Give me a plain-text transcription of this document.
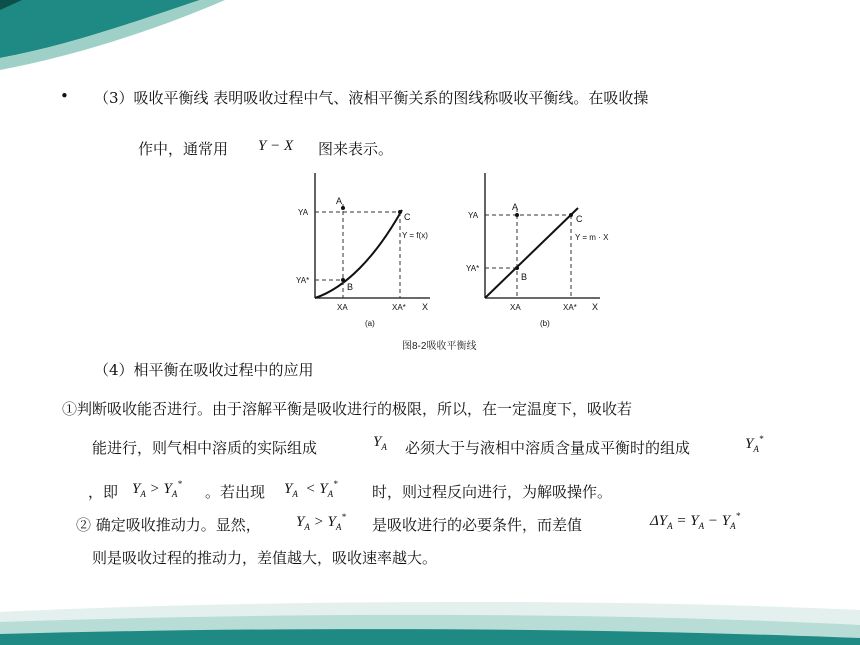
• （3）吸收平衡线 表明吸收过程中气、液相平衡关系的图线称吸收平衡线。在吸收操
作中，通常用 Y − X 图来表示。
A
B
C
Y = f(x)
YA
YA*
XA	XA* X
(a)
A
B
C
Y = m · X
YA
YA*
XA	XA* X
(b)
图8-2吸收平衡线
（4）相平衡在吸收过程中的应用
①判断吸收能否进行。由于溶解平衡是吸收进行的极限，所以，在一定温度下，吸收若
能进行，则气相中溶质的实际组成	$Y_A$ 必须大于与液相中溶质含量成平衡时的组成	$Y_A^*$
，即 $Y_A > Y_A^*$ 。若出现 $Y_A < Y_A^*$ 时，则过程反向进行，为解吸操作。
② 确定吸收推动力。显然， $Y_A > Y_A^*$ 是吸收进行的必要条件，而差值	$\Delta Y_A = Y_A - Y_A^*$
则是吸收过程的推动力，差值越大，吸收速率越大。
